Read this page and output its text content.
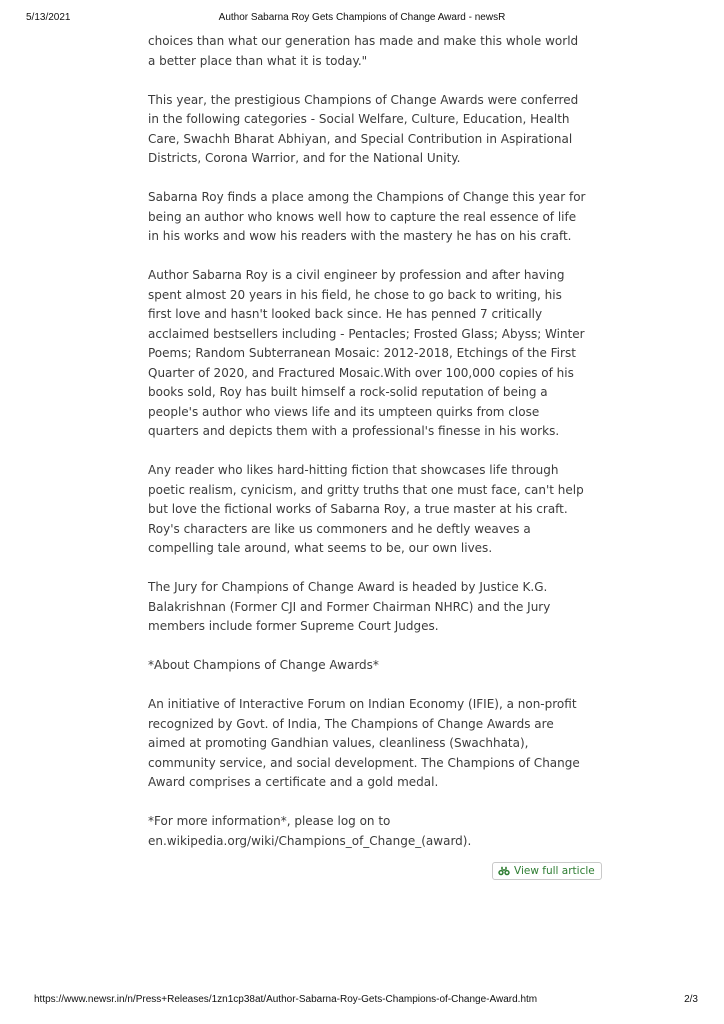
5/13/2021	Author Sabarna Roy Gets Champions of Change Award - newsR

choices than what our generation has made and make this whole world a better place than what it is today."

This year, the prestigious Champions of Change Awards were conferred in the following categories - Social Welfare, Culture, Education, Health Care, Swachh Bharat Abhiyan, and Special Contribution in Aspirational Districts, Corona Warrior, and for the National Unity.

Sabarna Roy finds a place among the Champions of Change this year for being an author who knows well how to capture the real essence of life in his works and wow his readers with the mastery he has on his craft.

Author Sabarna Roy is a civil engineer by profession and after having spent almost 20 years in his field, he chose to go back to writing, his first love and hasn't looked back since. He has penned 7 critically acclaimed bestsellers including - Pentacles; Frosted Glass; Abyss; Winter Poems; Random Subterranean Mosaic: 2012-2018, Etchings of the First Quarter of 2020, and Fractured Mosaic.With over 100,000 copies of his books sold, Roy has built himself a rock-solid reputation of being a people's author who views life and its umpteen quirks from close quarters and depicts them with a professional's finesse in his works.

Any reader who likes hard-hitting fiction that showcases life through poetic realism, cynicism, and gritty truths that one must face, can't help but love the fictional works of Sabarna Roy, a true master at his craft. Roy's characters are like us commoners and he deftly weaves a compelling tale around, what seems to be, our own lives.

The Jury for Champions of Change Award is headed by Justice K.G. Balakrishnan (Former CJI and Former Chairman NHRC) and the Jury members include former Supreme Court Judges.

*About Champions of Change Awards*

An initiative of Interactive Forum on Indian Economy (IFIE), a non-profit recognized by Govt. of India, The Champions of Change Awards are aimed at promoting Gandhian values, cleanliness (Swachhata), community service, and social development. The Champions of Change Award comprises a certificate and a gold medal.

*For more information*, please log on to en.wikipedia.org/wiki/Champions_of_Change_(award).

View full article
https://www.newsr.in/n/Press+Releases/1zn1cp38at/Author-Sabarna-Roy-Gets-Champions-of-Change-Award.htm	2/3
